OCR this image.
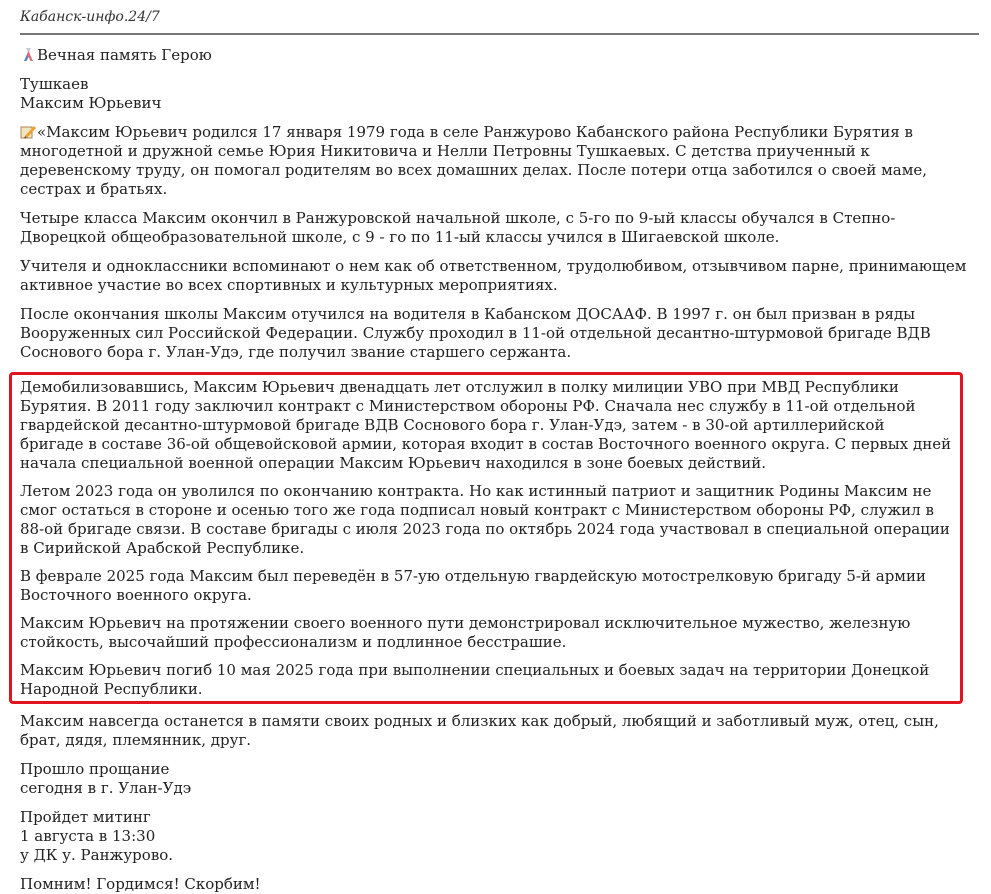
Кабанск-инфо.24/7

Вечная память Герою

Тушкаев
Максим Юрьевич

«Максим Юрьевич родился 17 января 1979 года в селе Ранжурово Кабанского района Республики Бурятия в многодетной и дружной семье Юрия Никитовича и Нелли Петровны Тушкаевых. С детства приученный к деревенскому труду, он помогал родителям во всех домашних делах. После потери отца заботился о своей маме, сестрах и братьях.

Четыре класса Максим окончил в Ранжуровской начальной школе, с 5-го по 9-ый классы обучался в Степно-Дворецкой общеобразовательной школе, с 9 - го по 11-ый классы учился в Шигаевской школе.

Учителя и одноклассники вспоминают о нем как об ответственном, трудолюбивом, отзывчивом парне, принимающем активное участие во всех спортивных и культурных мероприятиях.

После окончания школы Максим отучился на водителя в Кабанском ДОСААФ. В 1997 г. он был призван в ряды Вооруженных сил Российской Федерации. Службу проходил в 11-ой отдельной десантно-штурмовой бригаде ВДВ Соснового бора г. Улан-Удэ, где получил звание старшего сержанта.

Демобилизовавшись, Максим Юрьевич двенадцать лет отслужил в полку милиции УВО при МВД Республики Бурятия. В 2011 году заключил контракт с Министерством обороны РФ. Сначала нес службу в 11-ой отдельной гвардейской десантно-штурмовой бригаде ВДВ Соснового бора г. Улан-Удэ, затем - в 30-ой артиллерийской бригаде в составе 36-ой общевойсковой армии, которая входит в состав Восточного военного округа. С первых дней начала специальной военной операции Максим Юрьевич находился в зоне боевых действий.

Летом 2023 года он уволился по окончанию контракта. Но как истинный патриот и защитник Родины Максим не смог остаться в стороне и осенью того же года подписал новый контракт с Министерством обороны РФ, служил в 88-ой бригаде связи. В составе бригады с июля 2023 года по октябрь 2024 года участвовал в специальной операции в Сирийской Арабской Республике.

В феврале 2025 года Максим был переведён в 57-ую отдельную гвардейскую мотострелковую бригаду 5-й армии Восточного военного округа.

Максим Юрьевич на протяжении своего военного пути демонстрировал исключительное мужество, железную стойкость, высочайший профессионализм и подлинное бесстрашие.

Максим Юрьевич погиб 10 мая 2025 года при выполнении специальных и боевых задач на территории Донецкой Народной Республики.

Максим навсегда останется в памяти своих родных и близких как добрый, любящий и заботливый муж, отец, сын, брат, дядя, племянник, друг.

Прошло прощание
сегодня в г. Улан-Удэ

Пройдет митинг
1 августа в 13:30
у ДК у. Ранжурово.

Помним! Гордимся! Скорбим!
